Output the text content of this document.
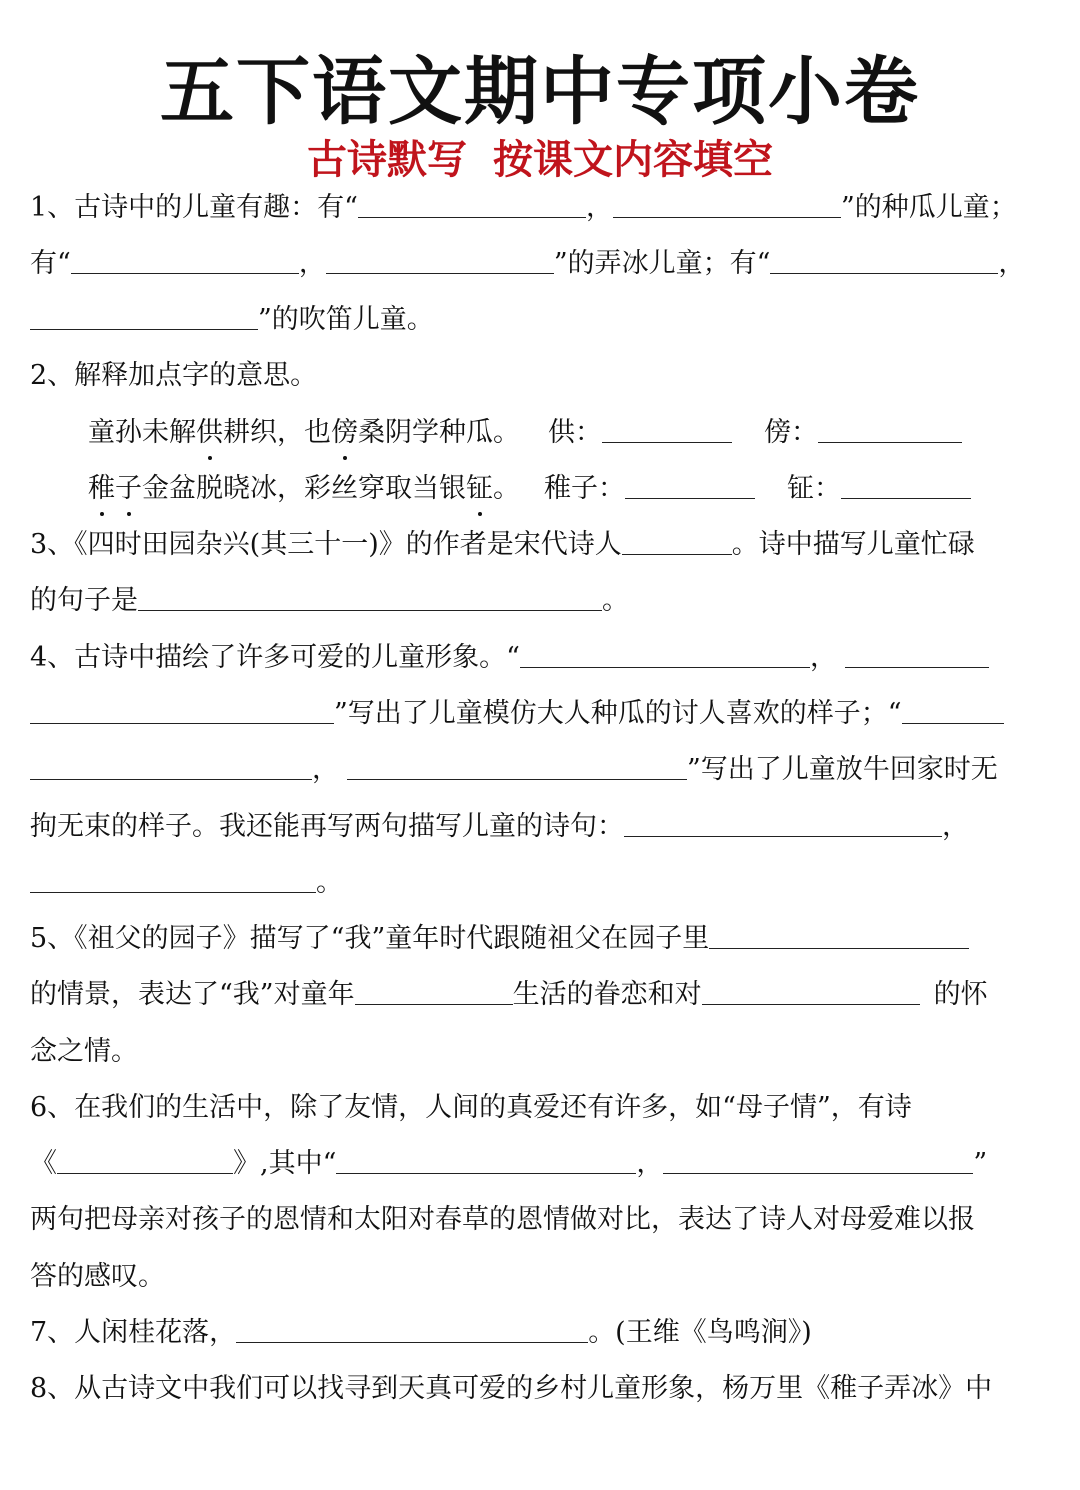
五下语文期中专项小卷
古诗默写 按课文内容填空
1、古诗中的儿童有趣：有“	，	”的种瓜儿童；
有“	，	”的弄冰儿童；有“	，
”的吹笛儿童。
2、解释加点字的意思。
童孙未解供耕织，也傍桑阴学种瓜。 供：	傍：
稚子金盆脱晓冰，彩丝穿取当银钲。 稚子：	钲：
3、《四时田园杂兴(其三十一)》的作者是宋代诗人	。诗中描写儿童忙碌
的句子是	。
4、古诗中描绘了许多可爱的儿童形象。“	，
”写出了儿童模仿大人种瓜的讨人喜欢的样子；“
，	”写出了儿童放牛回家时无
拘无束的样子。我还能再写两句描写儿童的诗句：	，
。
5、《祖父的园子》描写了“我”童年时代跟随祖父在园子里
的情景，表达了“我”对童年	生活的眷恋和对	的怀
念之情。
6、在我们的生活中，除了友情，人间的真爱还有许多，如“母子情”，有诗
《	》,其中“	，	”
两句把母亲对孩子的恩情和太阳对春草的恩情做对比，表达了诗人对母爱难以报
答的感叹。
7、人闲桂花落，	。(王维《鸟鸣涧》)
8、从古诗文中我们可以找寻到天真可爱的乡村儿童形象，杨万里《稚子弄冰》中
